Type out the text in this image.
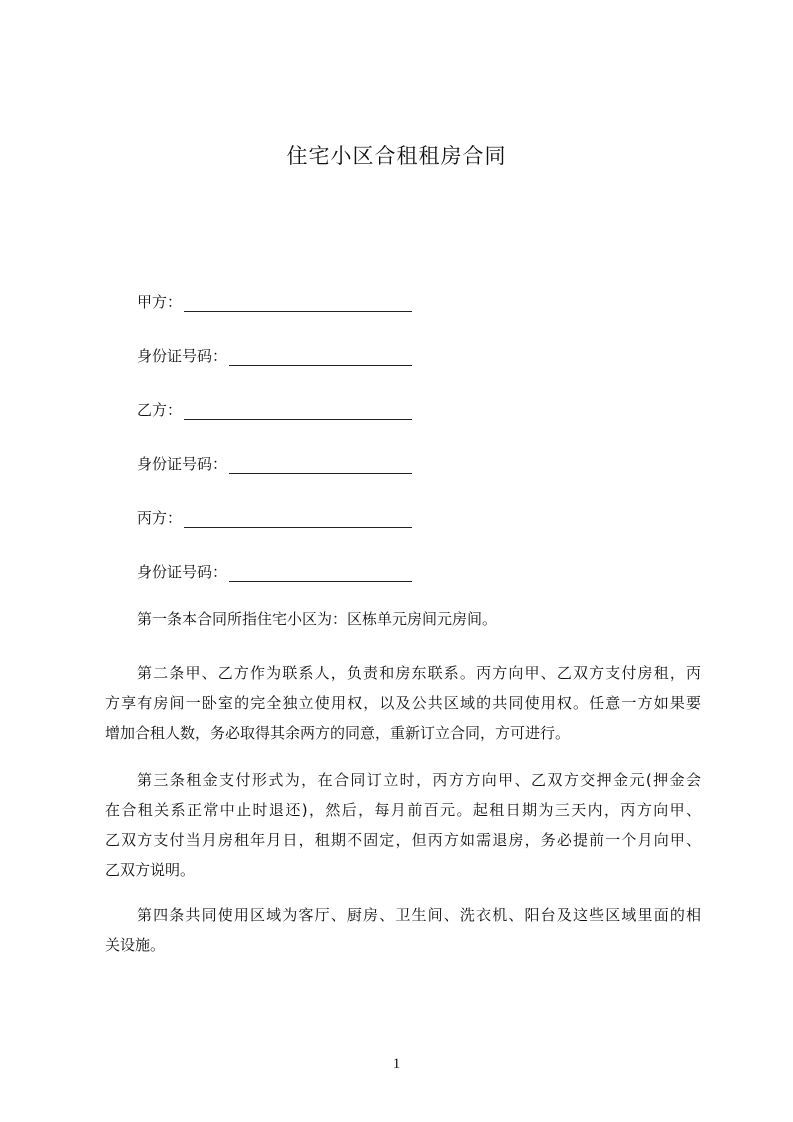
住宅小区合租租房合同
甲方：
身份证号码：
乙方：
身份证号码：
丙方：
身份证号码：
第一条本合同所指住宅小区为：区栋单元房间元房间。
第二条甲、乙方作为联系人，负责和房东联系。丙方向甲、乙双方支付房租，丙
方享有房间一卧室的完全独立使用权，以及公共区域的共同使用权。任意一方如果要
增加合租人数，务必取得其余两方的同意，重新订立合同，方可进行。
第三条租金支付形式为，在合同订立时，丙方方向甲、乙双方交押金元(押金会
在合租关系正常中止时退还)，然后，每月前百元。起租日期为三天内，丙方向甲、
乙双方支付当月房租年月日，租期不固定，但丙方如需退房，务必提前一个月向甲、
乙双方说明。
第四条共同使用区域为客厅、厨房、卫生间、洗衣机、阳台及这些区域里面的相
关设施。
1
